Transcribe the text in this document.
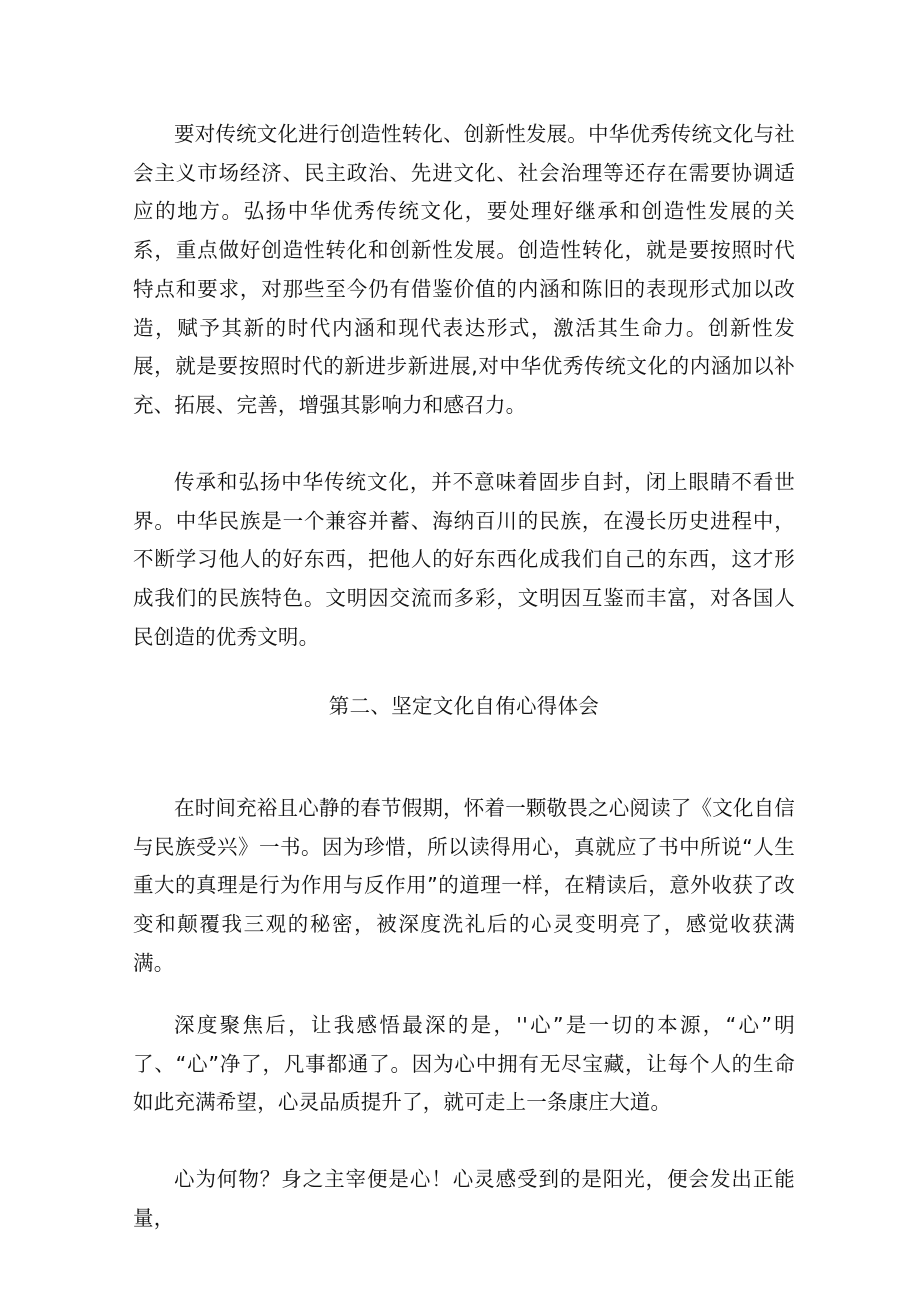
要对传统文化进行创造性转化、创新性发展。中华优秀传统文化与社会主义市场经济、民主政治、先进文化、社会治理等还存在需要协调适应的地方。弘扬中华优秀传统文化，要处理好继承和创造性发展的关系，重点做好创造性转化和创新性发展。创造性转化，就是要按照时代特点和要求，对那些至今仍有借鉴价值的内涵和陈旧的表现形式加以改造，赋予其新的时代内涵和现代表达形式，激活其生命力。创新性发展，就是要按照时代的新进步新进展,对中华优秀传统文化的内涵加以补充、拓展、完善，增强其影响力和感召力。

传承和弘扬中华传统文化，并不意味着固步自封，闭上眼睛不看世界。中华民族是一个兼容并蓄、海纳百川的民族，在漫长历史进程中，不断学习他人的好东西，把他人的好东西化成我们自己的东西，这才形成我们的民族特色。文明因交流而多彩，文明因互鉴而丰富，对各国人民创造的优秀文明。

第二、坚定文化自侑心得体会

在时间充裕且心静的春节假期，怀着一颗敬畏之心阅读了《文化自信与民族受兴》一书。因为珍惜，所以读得用心，真就应了书中所说“人生重大的真理是行为作用与反作用”的道理一样，在精读后，意外收获了改变和颠覆我三观的秘密，被深度洗礼后的心灵变明亮了，感觉收获满满。

深度聚焦后，让我感悟最深的是，''心”是一切的本源，“心”明了、“心”净了，凡事都通了。因为心中拥有无尽宝藏，让每个人的生命如此充满希望，心灵品质提升了，就可走上一条康庄大道。

心为何物？身之主宰便是心！心灵感受到的是阳光，便会发出正能量，
